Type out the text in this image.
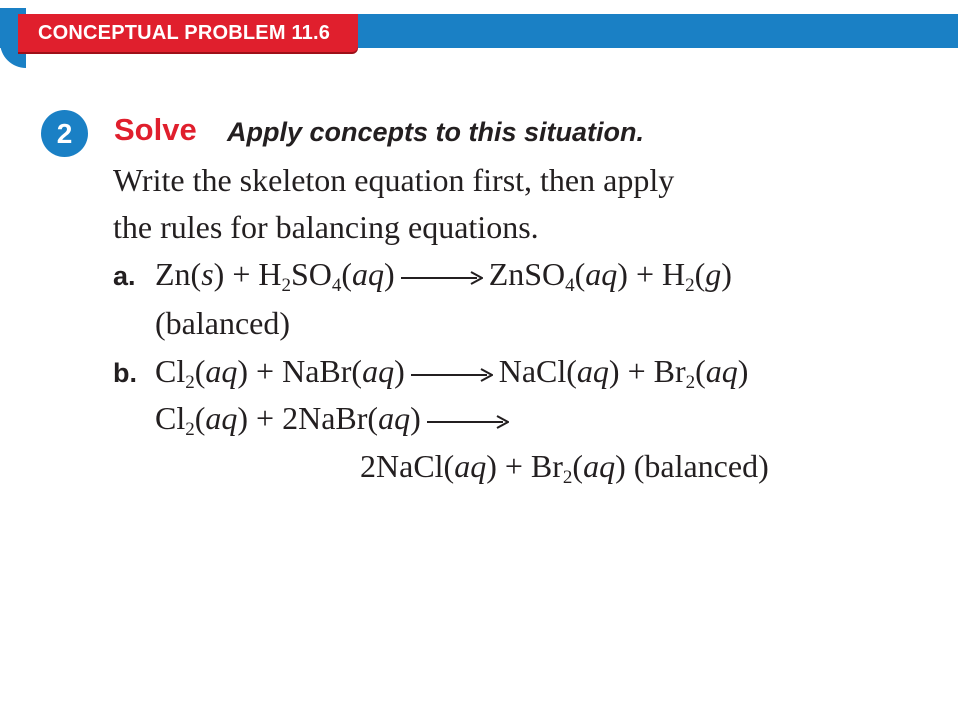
CONCEPTUAL PROBLEM 11.6
2	Solve Apply concepts to this situation.
Write the skeleton equation first, then apply
the rules for balancing equations.
a. $Zn(s) + H_2SO_4(aq)$ → ZnSO$_4$(aq) + $H_2(g)$
(balanced)
b. $Cl_2(aq)$ + NaBr(aq) → NaCl(aq) + $Br_2(aq)$
$Cl_2(aq)$ + 2NaBr(aq) →
2NaCl(aq) + $Br_2(aq)$ (balanced)
